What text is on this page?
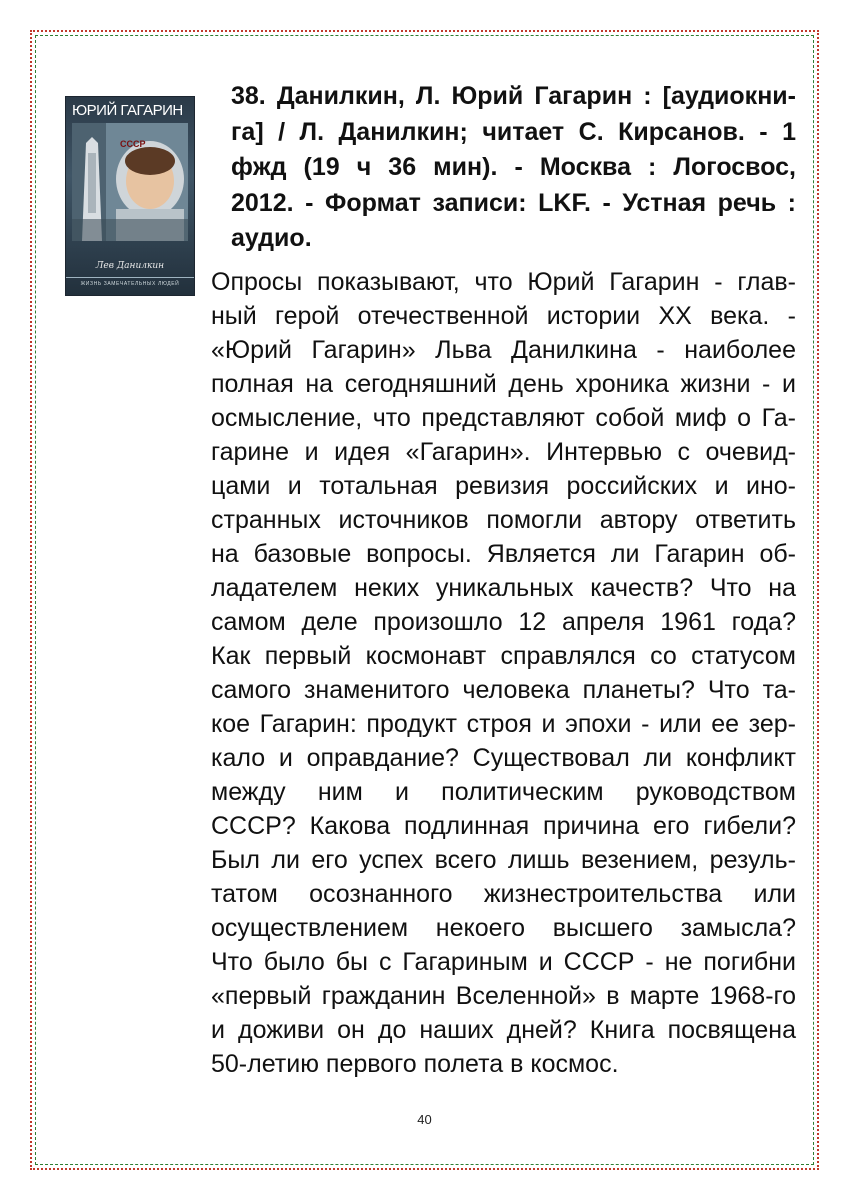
ЮРИЙ ГАГАРИН
СССР
Лев Данилкин
ЖИЗНЬ ЗАМЕЧАТЕЛЬНЫХ ЛЮДЕЙ
38. Данилкин, Л. Юрий Гагарин : [аудиокни-
га] / Л. Данилкин; читает С. Кирсанов. - 1
фжд (19 ч 36 мин). - Москва : Логосвос,
2012. - Формат записи: LKF. - Устная речь :
аудио.
Опросы показывают, что Юрий Гагарин - глав-
ный герой отечественной истории XX века. -
«Юрий Гагарин» Льва Данилкина - наиболее
полная на сегодняшний день хроника жизни - и
осмысление, что представляют собой миф о Га-
гарине и идея «Гагарин». Интервью с очевид-
цами и тотальная ревизия российских и ино-
странных источников помогли автору ответить
на базовые вопросы. Является ли Гагарин об-
ладателем неких уникальных качеств? Что на
самом деле произошло 12 апреля 1961 года?
Как первый космонавт справлялся со статусом
самого знаменитого человека планеты? Что та-
кое Гагарин: продукт строя и эпохи - или ее зер-
кало и оправдание? Существовал ли конфликт
между ним и политическим руководством
СССР? Какова подлинная причина его гибели?
Был ли его успех всего лишь везением, резуль-
татом осознанного жизнестроительства или
осуществлением некоего высшего замысла?
Что было бы с Гагариным и СССР - не погибни
«первый гражданин Вселенной» в марте 1968-го
и доживи он до наших дней? Книга посвящена
50-летию первого полета в космос.
40
